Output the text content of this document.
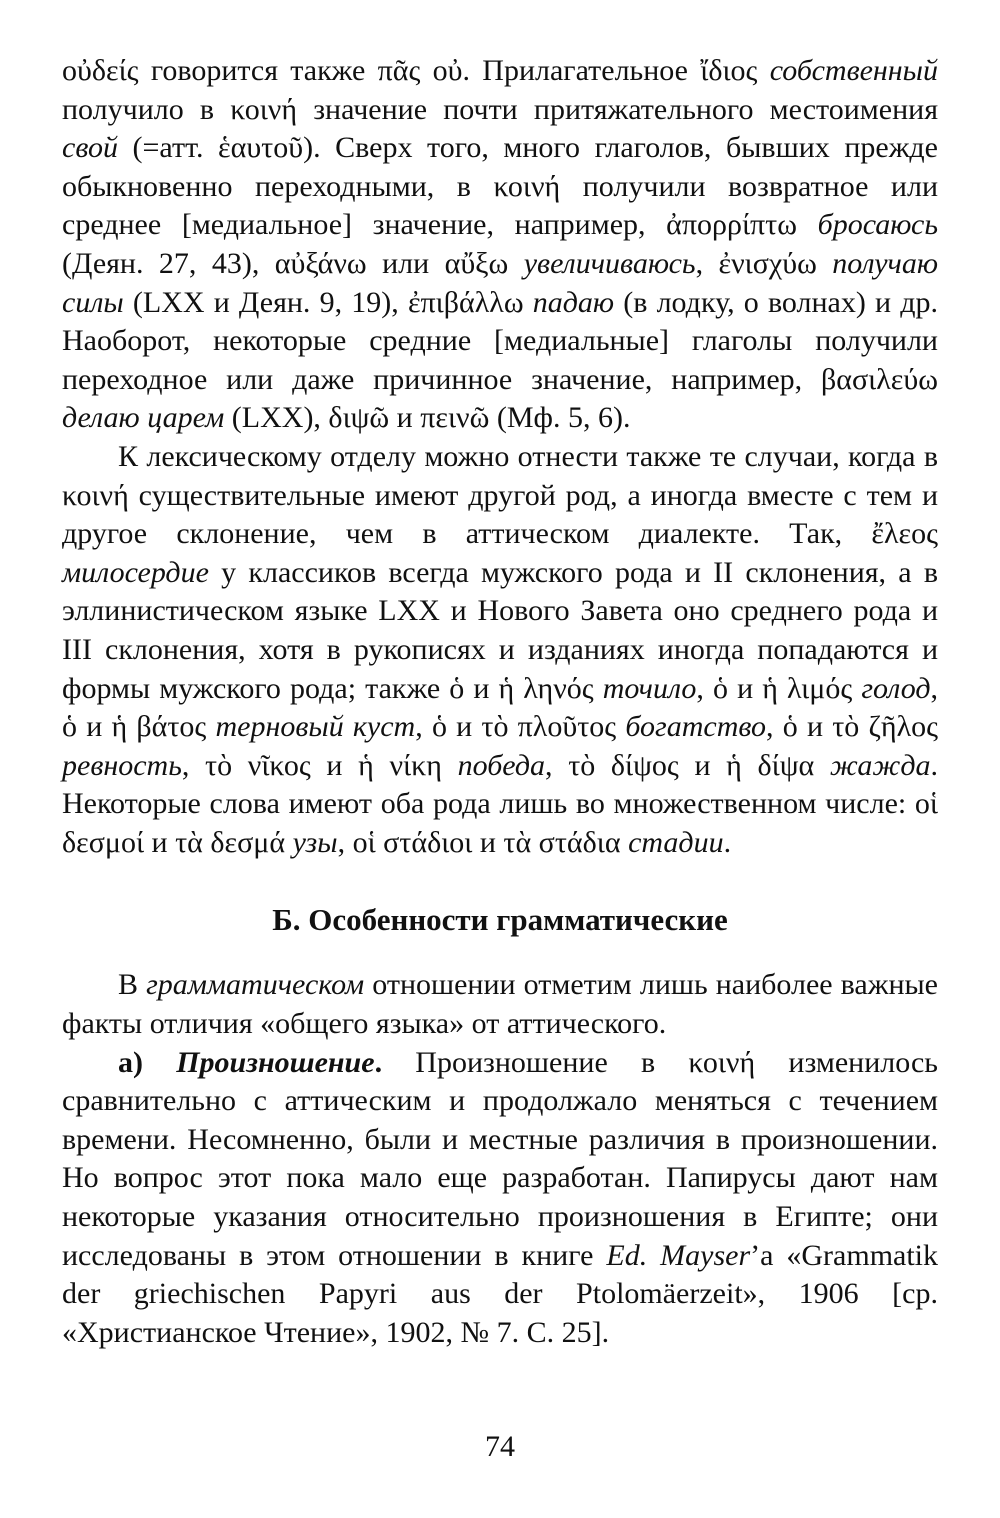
οὐδείς говорится также πᾶς οὐ. Прилагательное ἴδιος собственный получило в κοινή значение почти притяжательного местоимения свой (=атт. ἑαυτοῦ). Сверх того, много глаголов, бывших прежде обыкновенно переходными, в κοινή получили возвратное или среднее [медиальное] значение, например, ἀπορρίπτω бросаюсь (Деян. 27, 43), αὐξάνω или αὔξω увеличиваюсь, ἐνισχύω получаю силы (LXX и Деян. 9, 19), ἐπιβάλλω падаю (в лодку, о волнах) и др. Наоборот, некоторые средние [медиальные] глаголы получили переходное или даже причинное значение, например, βασιλεύω делаю царем (LXX), διψῶ и πεινῶ (Мф. 5, 6).

К лексическому отделу можно отнести также те случаи, когда в κοινή существительные имеют другой род, а иногда вместе с тем и другое склонение, чем в аттическом диалекте. Так, ἔλεος милосердие у классиков всегда мужского рода и II склонения, а в эллинистическом языке LXX и Нового Завета оно среднего рода и III склонения, хотя в рукописях и изданиях иногда попадаются и формы мужского рода; также ὁ и ἡ ληνός точило, ὁ и ἡ λιμός голод, ὁ и ἡ βάτος терновый куст, ὁ и τὸ πλοῦτος богатство, ὁ и τὸ ζῆλος ревность, τὸ νῖκος и ἡ νίκη победа, τὸ δίψος и ἡ δίψα жажда. Некоторые слова имеют оба рода лишь во множественном числе: οἱ δεσμοί и τὰ δεσμά узы, οἱ στάδιοι и τὰ στάδια стадии.

Б. Особенности грамматические

В грамматическом отношении отметим лишь наиболее важные факты отличия «общего языка» от аттического.

а) Произношение. Произношение в κοινή изменилось сравнительно с аттическим и продолжало меняться с течением времени. Несомненно, были и местные различия в произношении. Но вопрос этот пока мало еще разработан. Папирусы дают нам некоторые указания относительно произношения в Египте; они исследованы в этом отношении в книге Ed. Mayser’а «Grammatik der griechischen Papyri aus der Ptolomäerzeit», 1906 [ср. «Христианское Чтение», 1902, № 7. С. 25].

74
